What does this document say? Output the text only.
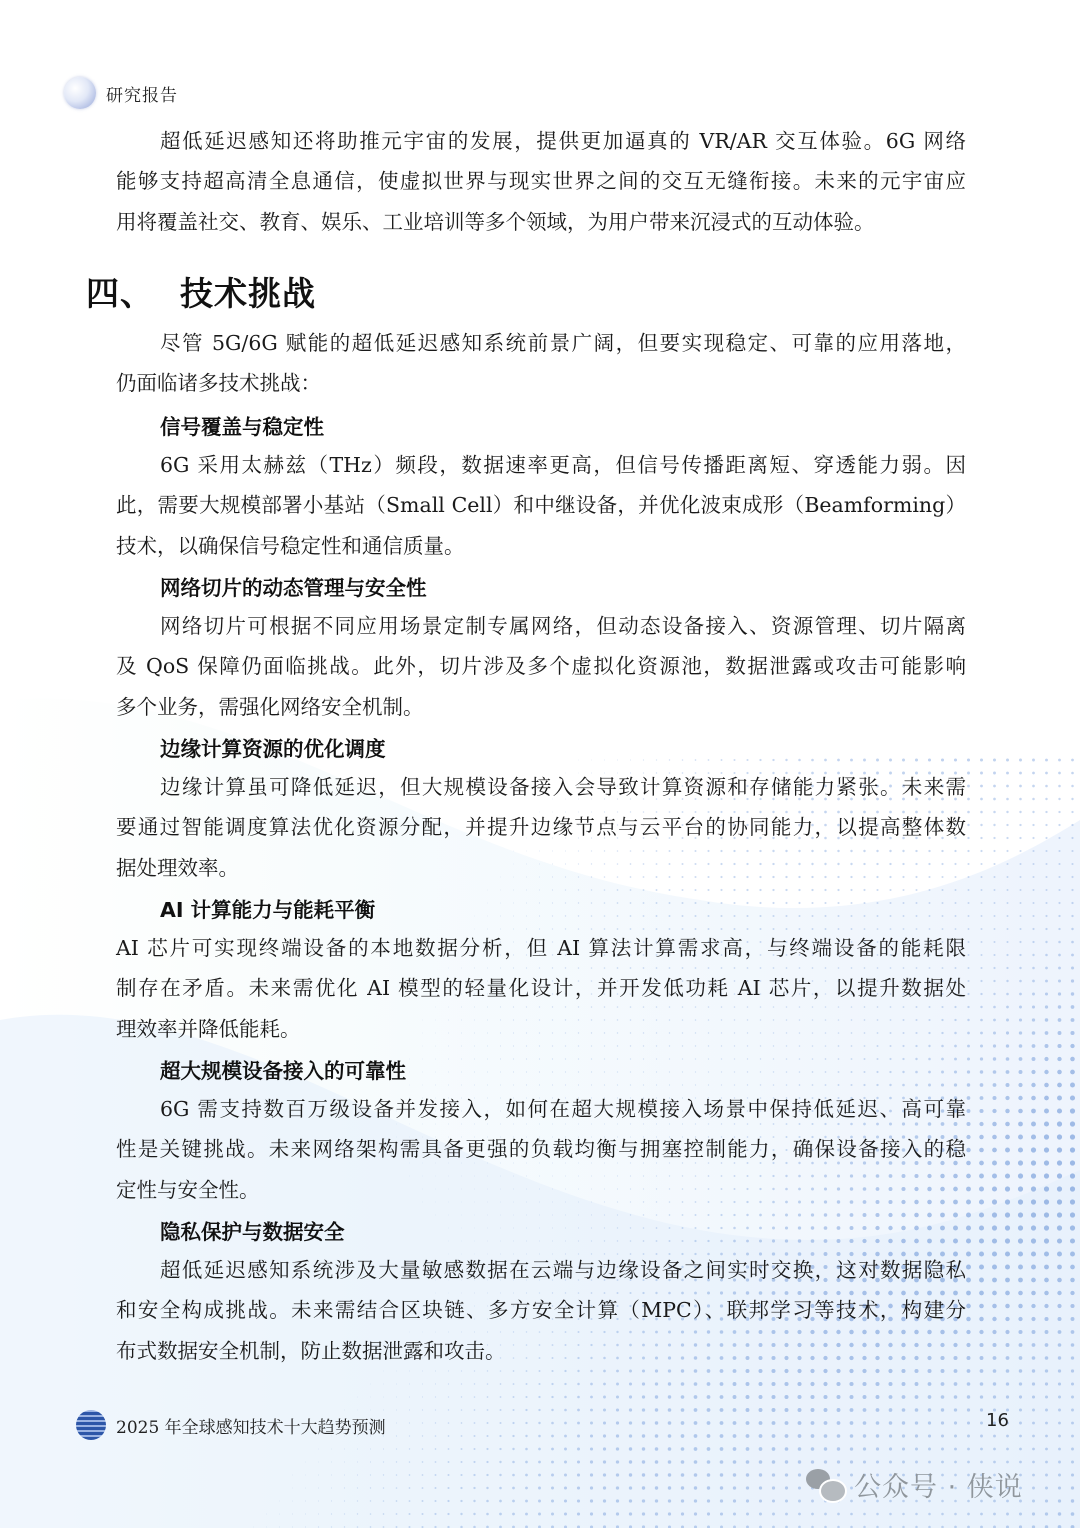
研究报告
超低延迟感知还将助推元宇宙的发展，提供更加逼真的 VR/AR 交互体验。6G 网络
能够支持超高清全息通信，使虚拟世界与现实世界之间的交互无缝衔接。未来的元宇宙应
用将覆盖社交、教育、娱乐、工业培训等多个领域，为用户带来沉浸式的互动体验。
四、 技术挑战
尽管 5G/6G 赋能的超低延迟感知系统前景广阔，但要实现稳定、可靠的应用落地，
仍面临诸多技术挑战：
信号覆盖与稳定性
6G 采用太赫兹（THz）频段，数据速率更高，但信号传播距离短、穿透能力弱。因
此，需要大规模部署小基站（Small Cell）和中继设备，并优化波束成形（Beamforming）
技术，以确保信号稳定性和通信质量。
网络切片的动态管理与安全性
网络切片可根据不同应用场景定制专属网络，但动态设备接入、资源管理、切片隔离
及 QoS 保障仍面临挑战。此外，切片涉及多个虚拟化资源池，数据泄露或攻击可能影响
多个业务，需强化网络安全机制。
边缘计算资源的优化调度
边缘计算虽可降低延迟，但大规模设备接入会导致计算资源和存储能力紧张。未来需
要通过智能调度算法优化资源分配，并提升边缘节点与云平台的协同能力，以提高整体数
据处理效率。
AI 计算能力与能耗平衡
AI 芯片可实现终端设备的本地数据分析，但 AI 算法计算需求高，与终端设备的能耗限
制存在矛盾。未来需优化 AI 模型的轻量化设计，并开发低功耗 AI 芯片，以提升数据处
理效率并降低能耗。
超大规模设备接入的可靠性
6G 需支持数百万级设备并发接入，如何在超大规模接入场景中保持低延迟、高可靠
性是关键挑战。未来网络架构需具备更强的负载均衡与拥塞控制能力，确保设备接入的稳
定性与安全性。
隐私保护与数据安全
超低延迟感知系统涉及大量敏感数据在云端与边缘设备之间实时交换，这对数据隐私
和安全构成挑战。未来需结合区块链、多方安全计算（MPC）、联邦学习等技术，构建分
布式数据安全机制，防止数据泄露和攻击。
2025 年全球感知技术十大趋势预测	16
公众号 · 侠说
